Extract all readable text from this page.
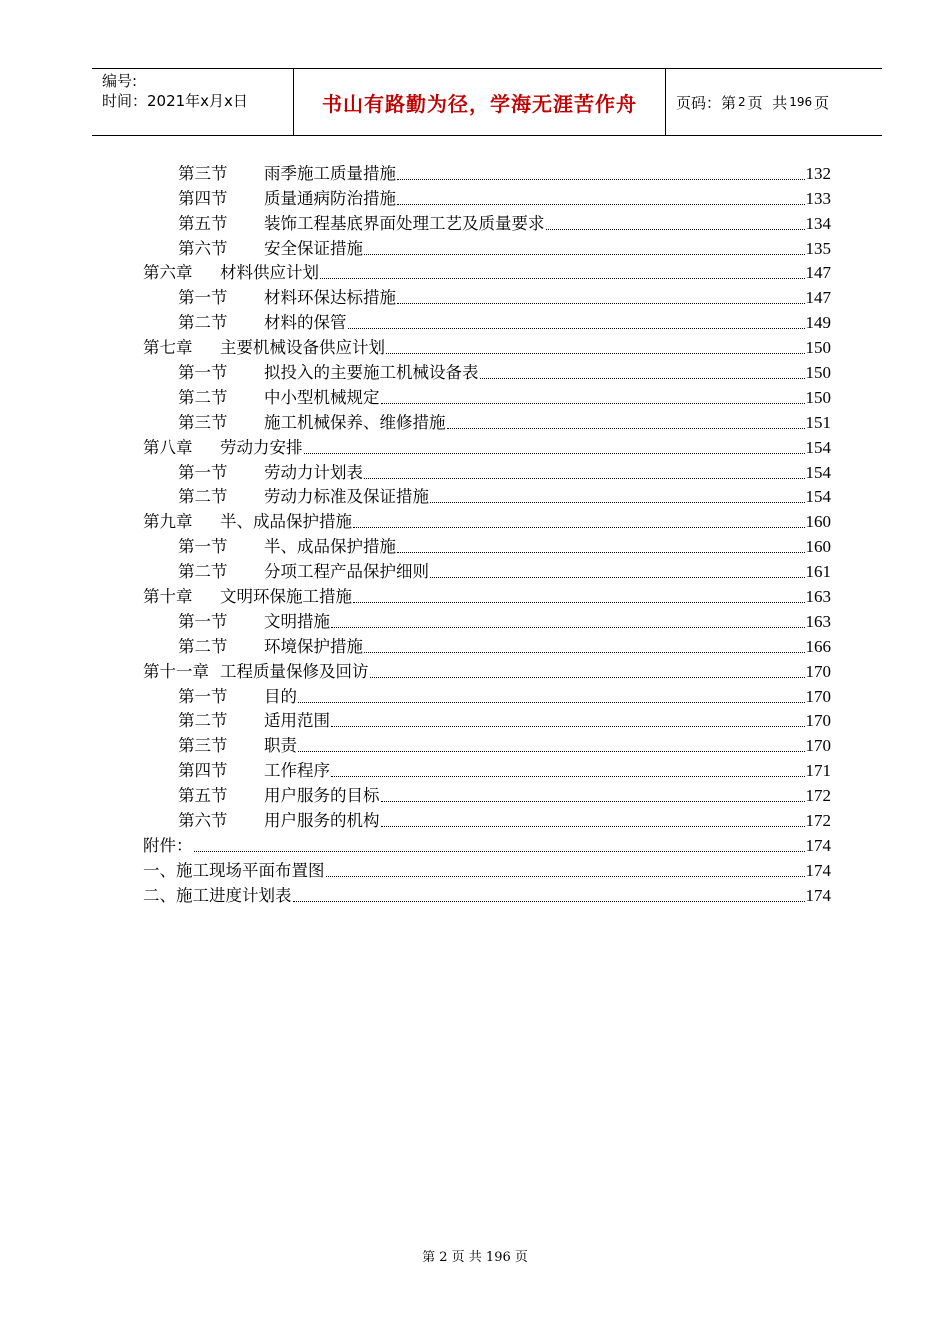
编号:
时间：2021年x月x日	书山有路勤为径，学海无涯苦作舟	页码：第 2 页  共 196 页
第三节	雨季施工质量措施	132
第四节	质量通病防治措施	133
第五节	装饰工程基底界面处理工艺及质量要求	134
第六节	安全保证措施	135
第六章	材料供应计划	147
第一节	材料环保达标措施	147
第二节	材料的保管	149
第七章	主要机械设备供应计划	150
第一节	拟投入的主要施工机械设备表	150
第二节	中小型机械规定	150
第三节	施工机械保养、维修措施	151
第八章	劳动力安排	154
第一节	劳动力计划表	154
第二节	劳动力标准及保证措施	154
第九章	半、成品保护措施	160
第一节	半、成品保护措施	160
第二节	分项工程产品保护细则	161
第十章	文明环保施工措施	163
第一节	文明措施	163
第二节	环境保护措施	166
第十一章 工程质量保修及回访	170
第一节	目的	170
第二节	适用范围	170
第三节	职责	170
第四节	工作程序	171
第五节	用户服务的目标	172
第六节	用户服务的机构	172
附件：	174
一、施工现场平面布置图	174
二、施工进度计划表	174
第 2 页 共 196 页
